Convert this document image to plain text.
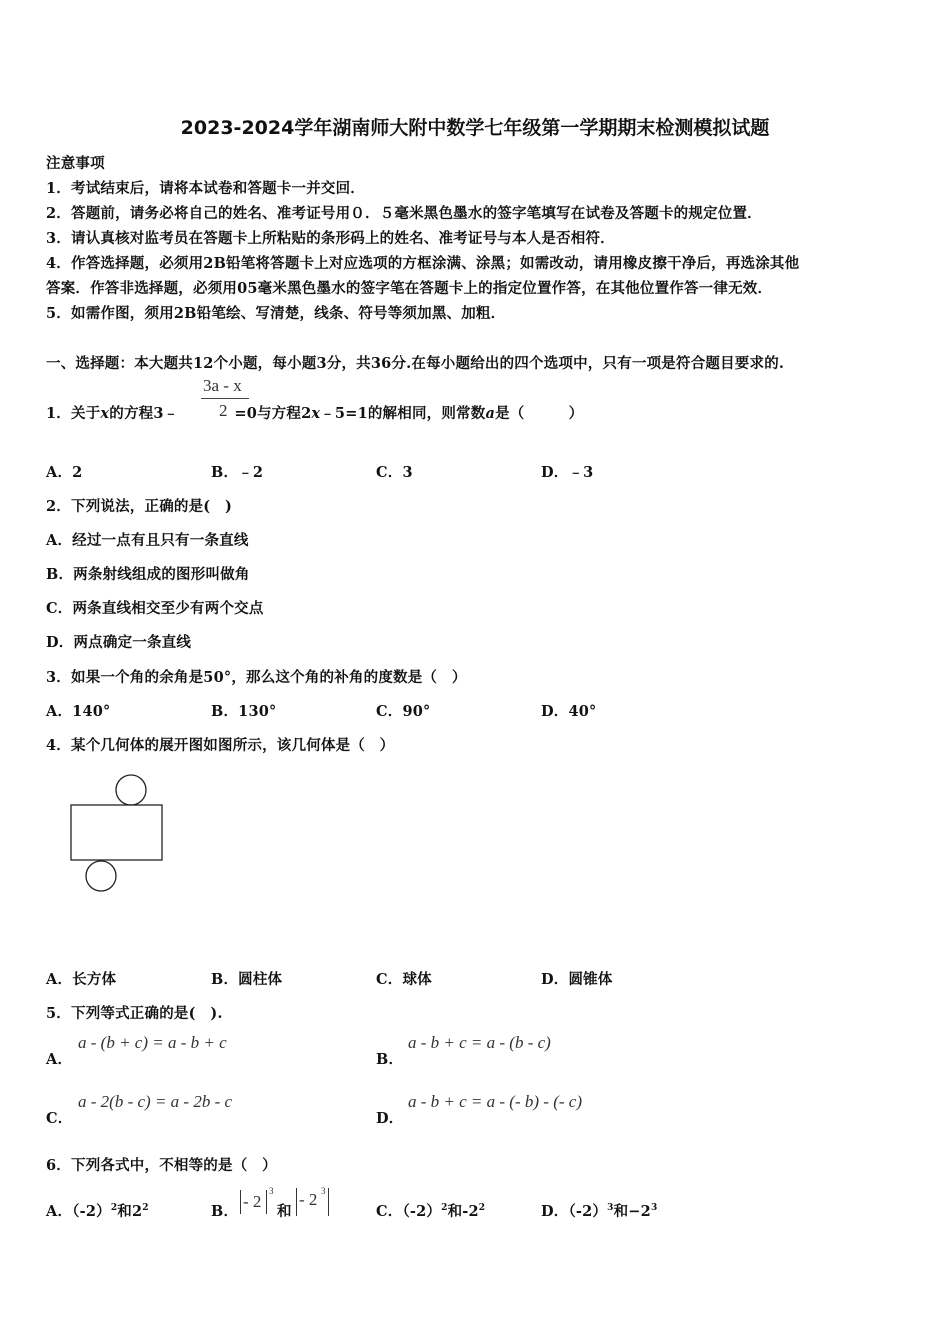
2023-2024学年湖南师大附中数学七年级第一学期期末检测模拟试题
注意事项
1．考试结束后，请将本试卷和答题卡一并交回．
2．答题前，请务必将自己的姓名、准考证号用０．５毫米黑色墨水的签字笔填写在试卷及答题卡的规定位置．
3．请认真核对监考员在答题卡上所粘贴的条形码上的姓名、准考证号与本人是否相符．
4．作答选择题，必须用2B铅笔将答题卡上对应选项的方框涂满、涂黑；如需改动，请用橡皮擦干净后，再选涂其他
答案．作答非选择题，必须用05毫米黑色墨水的签字笔在答题卡上的指定位置作答，在其他位置作答一律无效．
5．如需作图，须用2B铅笔绘、写清楚，线条、符号等须加黑、加粗．
一、选择题：本大题共12个小题，每小题3分，共36分.在每小题给出的四个选项中，只有一项是符合题目要求的.
1．关于x的方程3﹣	=0与方程2x﹣5=1的解相同，则常数a是（　　　）
3a - x
2
A．2	B．﹣2	C．3	D．﹣3
2．下列说法，正确的是(　)
A．经过一点有且只有一条直线
B．两条射线组成的图形叫做角
C．两条直线相交至少有两个交点
D．两点确定一条直线
3．如果一个角的余角是50°，那么这个角的补角的度数是（　）
A．140°	B．130°	C．90°	D．40°
4．某个几何体的展开图如图所示，该几何体是（　）
A．长方体	B．圆柱体	C．球体	D．圆锥体
5．下列等式正确的是(　).
A．
a - (b + c) = a - b + c
B．
a - b + c = a - (b - c)
C．
a - 2(b - c) = a - 2b - c
D．
a - b + c = a - (- b) - (- c)
6．下列各式中，不相等的是（　）
A．$(-2)^2$和$2^2$	B．
- 2
3
和
- 2 3
C．$(-2)^2$和$-2^2$	D．$(-2)^3$和$-2^3$
